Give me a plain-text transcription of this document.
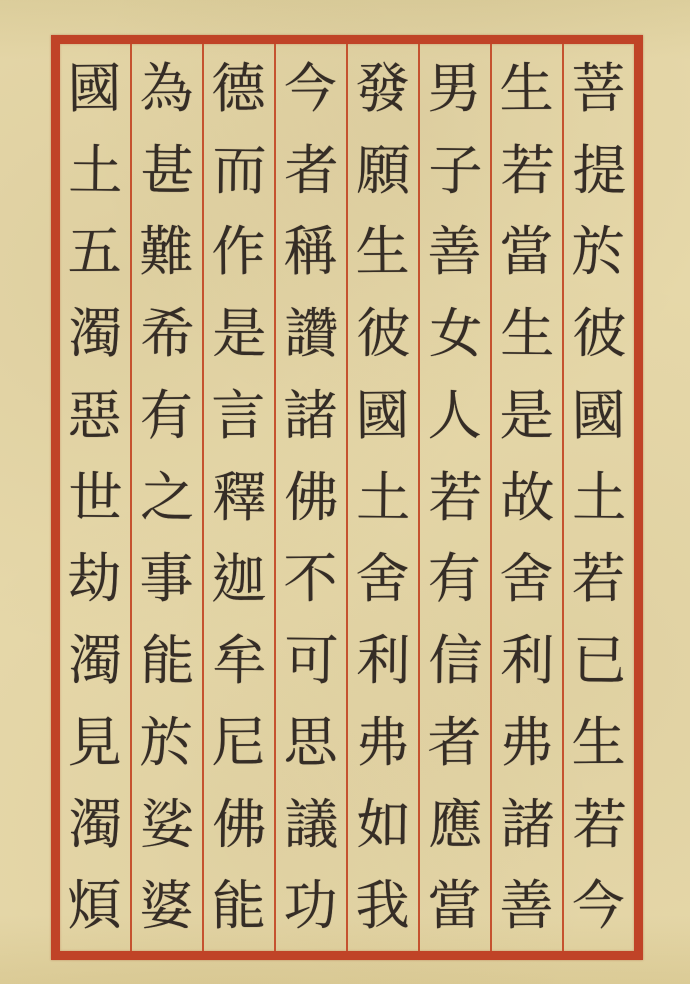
菩
提
於
彼
國
土
若
已
生
若
今
生
若
當
生
是
故
舍
利
弗
諸
善
男
子
善
女
人
若
有
信
者
應
當
發
願
生
彼
國
土
舍
利
弗
如
我
今
者
稱
讚
諸
佛
不
可
思
議
功
德
而
作
是
言
釋
迦
牟
尼
佛
能
為
甚
難
希
有
之
事
能
於
娑
婆
國
土
五
濁
惡
世
劫
濁
見
濁
煩
